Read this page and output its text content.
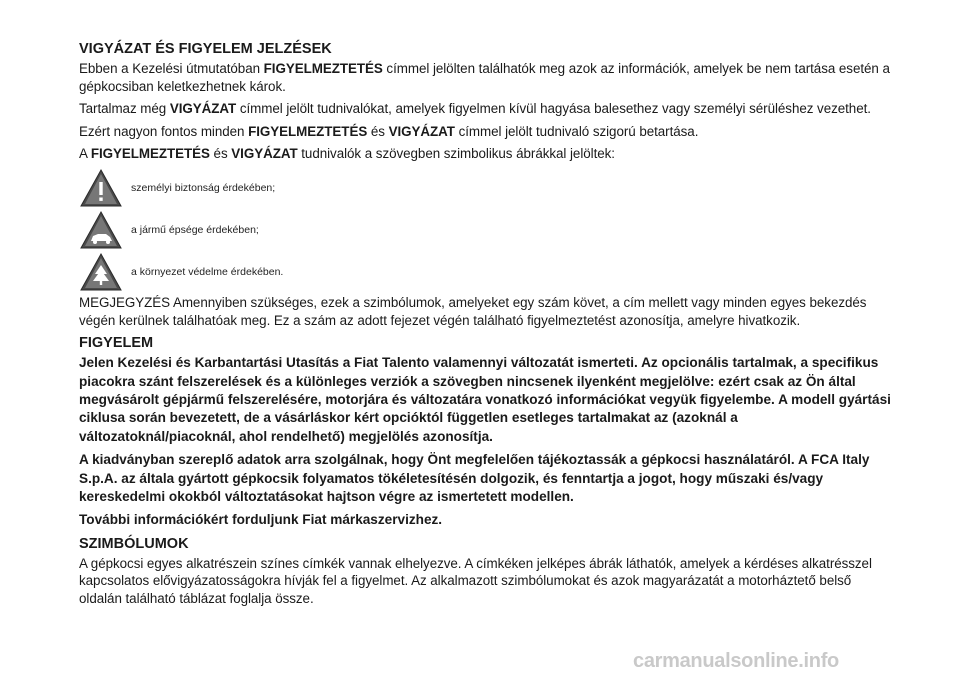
VIGYÁZAT ÉS FIGYELEM JELZÉSEK

Ebben a Kezelési útmutatóban FIGYELMEZTETÉS címmel jelölten találhatók meg azok az információk, amelyek be nem tartása esetén a gépkocsiban keletkezhetnek károk.

Tartalmaz még VIGYÁZAT címmel jelölt tudnivalókat, amelyek figyelmen kívül hagyása balesethez vagy személyi sérüléshez vezethet.

Ezért nagyon fontos minden FIGYELMEZTETÉS és VIGYÁZAT címmel jelölt tudnivaló szigorú betartása.

A FIGYELMEZTETÉS és VIGYÁZAT tudnivalók a szövegben szimbolikus ábrákkal jelöltek:

személyi biztonság érdekében;
a jármű épsége érdekében;
a környezet védelme érdekében.

MEGJEGYZÉS Amennyiben szükséges, ezek a szimbólumok, amelyeket egy szám követ, a cím mellett vagy minden egyes bekezdés végén kerülnek találhatóak meg. Ez a szám az adott fejezet végén található figyelmeztetést azonosítja, amelyre hivatkozik.

FIGYELEM

Jelen Kezelési és Karbantartási Utasítás a Fiat Talento valamennyi változatát ismerteti. Az opcionális tartalmak, a specifikus piacokra szánt felszerelések és a különleges verziók a szövegben nincsenek ilyenként megjelölve: ezért csak az Ön által megvásárolt gépjármű felszerelésére, motorjára és változatára vonatkozó információkat vegyük figyelembe. A modell gyártási ciklusa során bevezetett, de a vásárláskor kért opcióktól független esetleges tartalmakat az (azoknál a változatoknál/piacoknál, ahol rendelhető) megjelölés azonosítja.

A kiadványban szereplő adatok arra szolgálnak, hogy Önt megfelelően tájékoztassák a gépkocsi használatáról. A FCA Italy S.p.A. az általa gyártott gépkocsik folyamatos tökéletesítésén dolgozik, és fenntartja a jogot, hogy műszaki és/vagy kereskedelmi okokból változtatásokat hajtson végre az ismertetett modellen.

További információkért forduljunk Fiat márkaszervizhez.

SZIMBÓLUMOK

A gépkocsi egyes alkatrészein színes címkék vannak elhelyezve. A címkéken jelképes ábrák láthatók, amelyek a kérdéses alkatrésszel kapcsolatos elővigyázatosságokra hívják fel a figyelmet. Az alkalmazott szimbólumokat és azok magyarázatát a motorháztető belső oldalán található táblázat foglalja össze.

carmanualsonline.info
